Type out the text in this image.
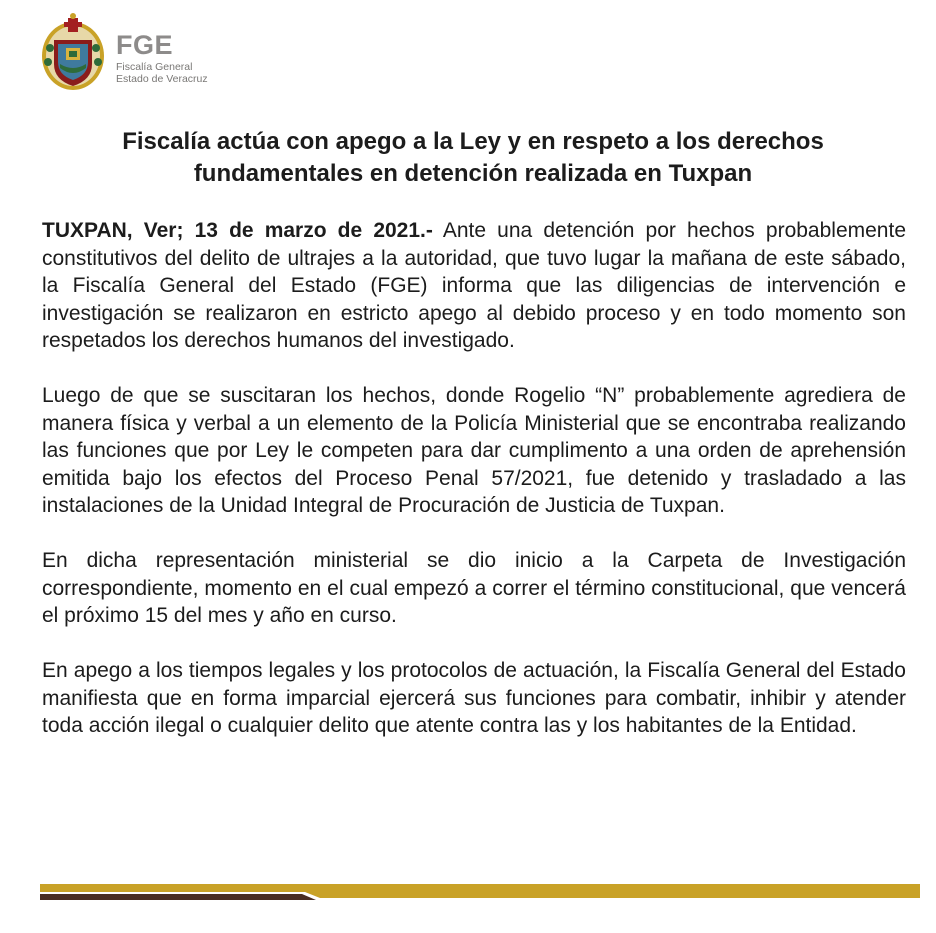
FGE
Fiscalía General
Estado de Veracruz
Fiscalía actúa con apego a la Ley y en respeto a los derechos fundamentales en detención realizada en Tuxpan

TUXPAN, Ver; 13 de marzo de 2021.- Ante una detención por hechos probablemente constitutivos del delito de ultrajes a la autoridad, que tuvo lugar la mañana de este sábado, la Fiscalía General del Estado (FGE) informa que las diligencias de intervención e investigación se realizaron en estricto apego al debido proceso y en todo momento son respetados los derechos humanos del investigado.

Luego de que se suscitaran los hechos, donde Rogelio “N” probablemente agrediera de manera física y verbal a un elemento de la Policía Ministerial que se encontraba realizando las funciones que por Ley le competen para dar cumplimento a una orden de aprehensión emitida bajo los efectos del Proceso Penal 57/2021, fue detenido y trasladado a las instalaciones de la Unidad Integral de Procuración de Justicia de Tuxpan.

En dicha representación ministerial se dio inicio a la Carpeta de Investigación correspondiente, momento en el cual empezó a correr el término constitucional, que vencerá el próximo 15 del mes y año en curso.

En apego a los tiempos legales y los protocolos de actuación, la Fiscalía General del Estado manifiesta que en forma imparcial ejercerá sus funciones para combatir, inhibir y atender toda acción ilegal o cualquier delito que atente contra las y los habitantes de la Entidad.
